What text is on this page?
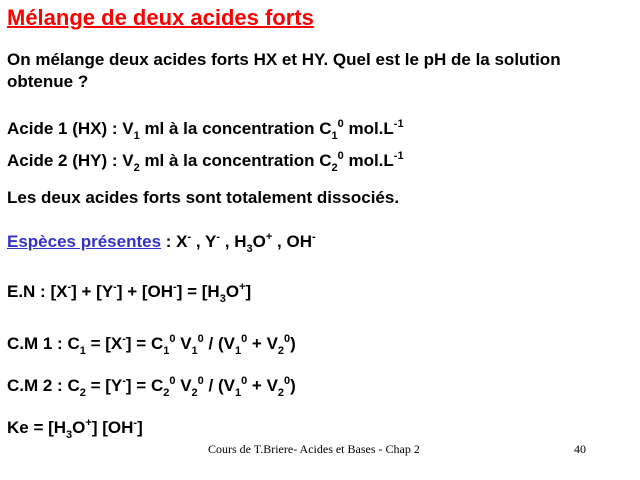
Mélange de deux acides forts
On mélange deux acides forts HX et HY. Quel est le pH de la solution obtenue ?
Acide 1 (HX) : $V_1$ ml à la concentration $C_1^0$ $mol.L^{-1}$
Acide 2 (HY) : $V_2$ ml à la concentration $C_2^0$ $mol.L^{-1}$
Les deux acides forts sont totalement dissociés.
Espèces présentes : X- , Y- , $H_3O^+$ , OH-
E.N : $[X^-] + [Y^-] + [OH^-] = [H_3O^+]$
C.M 1 : $C_1 = [X^-] = C_1^0$ $V_1^0 / (V_1^0 + V_2^0)$
C.M 2 : $C_2 = [Y^-] = C_2^0$ $V_2^0 / (V_1^0 + V_2^0)$
$Ke = [H_3O^+]$ [OH-]
Cours de T.Briere- Acides et Bases - Chap 2	40
